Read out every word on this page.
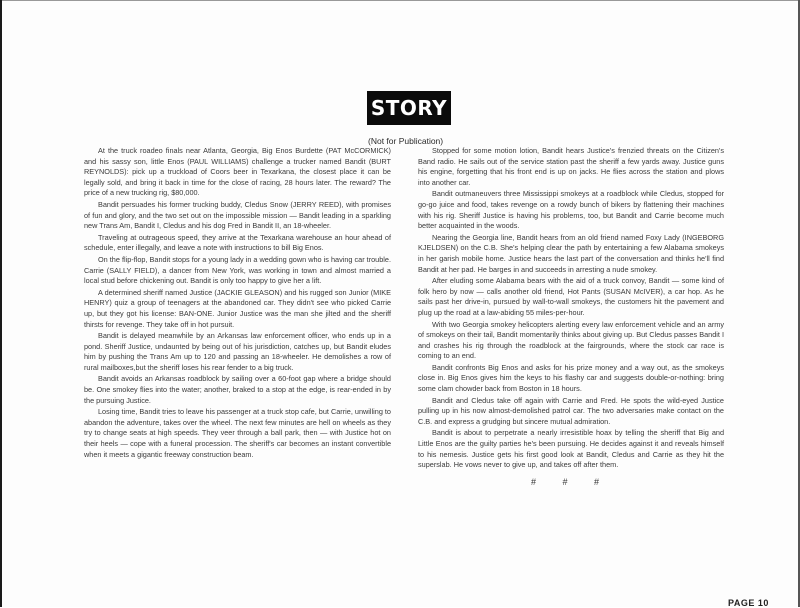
STORY
(Not for Publication)

At the truck roadeo finals near Atlanta, Georgia, Big Enos Burdette (PAT McCORMICK) and his sassy son, little Enos (PAUL WILLIAMS) challenge a trucker named Bandit (BURT REYNOLDS): pick up a truckload of Coors beer in Texarkana, the closest place it can be legally sold, and bring it back in time for the close of racing, 28 hours later. The reward? The price of a new trucking rig, $80,000.

Bandit persuades his former trucking buddy, Cledus Snow (JERRY REED), with promises of fun and glory, and the two set out on the impossible mission — Bandit leading in a sparkling new Trans Am, Bandit I, Cledus and his dog Fred in Bandit II, an 18-wheeler.

Traveling at outrageous speed, they arrive at the Texarkana warehouse an hour ahead of schedule, enter illegally, and leave a note with instructions to bill Big Enos.

On the flip-flop, Bandit stops for a young lady in a wedding gown who is having car trouble. Carrie (SALLY FIELD), a dancer from New York, was working in town and almost married a local stud before chickening out. Bandit is only too happy to give her a lift.

A determined sheriff named Justice (JACKIE GLEASON) and his rugged son Junior (MIKE HENRY) quiz a group of teenagers at the abandoned car. They didn't see who picked Carrie up, but they got his license: BAN-ONE. Junior Justice was the man she jilted and the sheriff thirsts for revenge. They take off in hot pursuit.

Bandit is delayed meanwhile by an Arkansas law enforcement officer, who ends up in a pond. Sheriff Justice, undaunted by being out of his jurisdiction, catches up, but Bandit eludes him by pushing the Trans Am up to 120 and passing an 18-wheeler. He demolishes a row of rural mailboxes,but the sheriff loses his rear fender to a big truck.

Bandit avoids an Arkansas roadblock by sailing over a 60-foot gap where a bridge should be. One smokey flies into the water; another, braked to a stop at the edge, is rear-ended in by the pursuing Justice.

Losing time, Bandit tries to leave his passenger at a truck stop cafe, but Carrie, unwilling to abandon the adventure, takes over the wheel. The next few minutes are hell on wheels as they try to change seats at high speeds. They veer through a ball park, then — with Justice hot on their heels — cope with a funeral procession. The sheriff's car becomes an instant convertible when it meets a gigantic freeway construction beam.

Stopped for some motion lotion, Bandit hears Justice's frenzied threats on the Citizen's Band radio. He sails out of the service station past the sheriff a few yards away. Justice guns his engine, forgetting that his front end is up on jacks. He flies across the station and plows into another car.

Bandit outmaneuvers three Mississippi smokeys at a roadblock while Cledus, stopped for go-go juice and food, takes revenge on a rowdy bunch of bikers by flattening their machines with his rig. Sheriff Justice is having his problems, too, but Bandit and Carrie become much better acquainted in the woods.

Nearing the Georgia line, Bandit hears from an old friend named Foxy Lady (INGEBORG KJELDSEN) on the C.B. She's helping clear the path by entertaining a few Alabama smokeys in her garish mobile home. Justice hears the last part of the conversation and thinks he'll find Bandit at her pad. He barges in and succeeds in arresting a nude smokey.

After eluding some Alabama bears with the aid of a truck convoy, Bandit — some kind of folk hero by now — calls another old friend, Hot Pants (SUSAN McIVER), a car hop. As he sails past her drive-in, pursued by wall-to-wall smokeys, the customers hit the pavement and plug up the road at a law-abiding 55 miles-per-hour.

With two Georgia smokey helicopters alerting every law enforcement vehicle and an army of smokeys on their tail, Bandit momentarily thinks about giving up. But Cledus passes Bandit I and crashes his rig through the roadblock at the fairgrounds, where the stock car race is coming to an end.

Bandit confronts Big Enos and asks for his prize money and a way out, as the smokeys close in. Big Enos gives him the keys to his flashy car and suggests double-or-nothing: bring some clam chowder back from Boston in 18 hours.

Bandit and Cledus take off again with Carrie and Fred. He spots the wild-eyed Justice pulling up in his now almost-demolished patrol car. The two adversaries make contact on the C.B. and express a grudging but sincere mutual admiration.

Bandit is about to perpetrate a nearly irresistible hoax by telling the sheriff that Big and Little Enos are the guilty parties he's been pursuing. He decides against it and reveals himself to his nemesis. Justice gets his first good look at Bandit, Cledus and Carrie as they hit the superslab. He vows never to give up, and takes off after them.

# # #
PAGE 10
